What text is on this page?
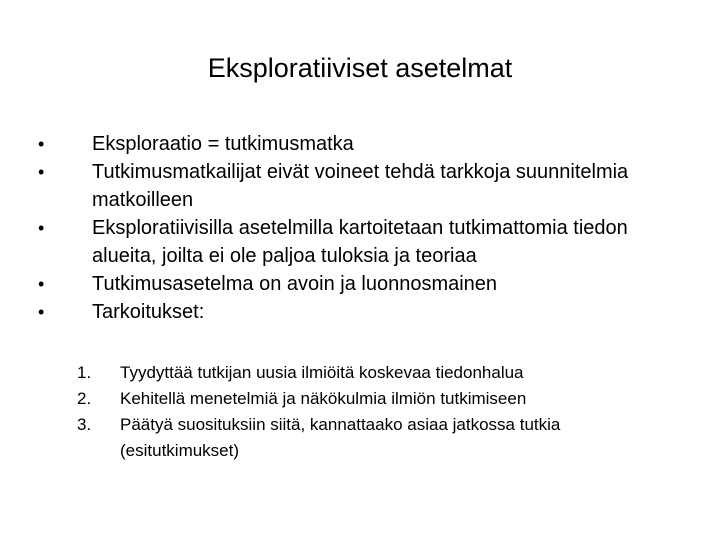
Eksploratiiviset asetelmat
• Eksploraatio = tutkimusmatka
• Tutkimusmatkailijat eivät voineet tehdä tarkkoja suunnitelmia matkoilleen
• Eksploratiivisilla asetelmilla kartoitetaan tutkimattomia tiedon alueita, joilta ei ole paljoa tuloksia ja teoriaa
• Tutkimusasetelma on avoin ja luonnosmainen
• Tarkoitukset:
1.	Tyydyttää tutkijan uusia ilmiöitä koskevaa tiedonhalua
2.	Kehitellä menetelmiä ja näkökulmia ilmiön tutkimiseen
3.	Päätyä suosituksiin siitä, kannattaako asiaa jatkossa tutkia (esitutkimukset)
